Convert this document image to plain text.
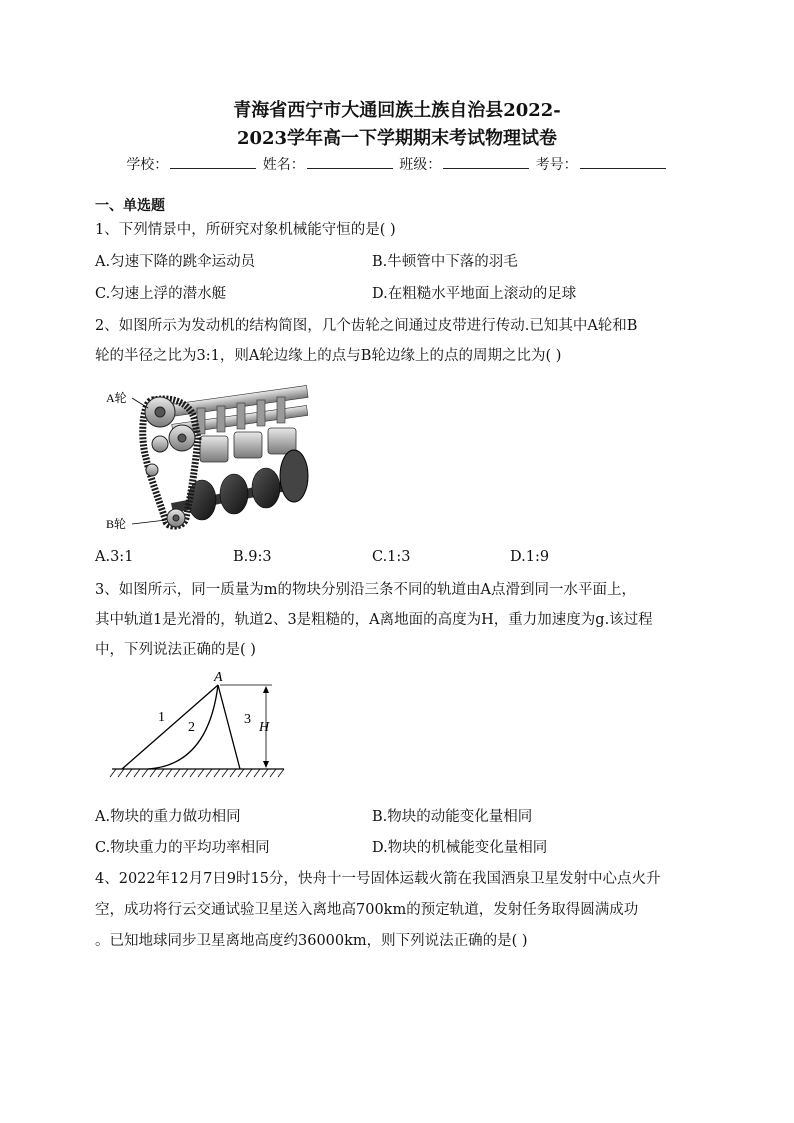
青海省西宁市大通回族土族自治县2022-
2023学年高一下学期期末考试物理试卷
学校：	姓名：	班级：	考号：
一、单选题
1、下列情景中，所研究对象机械能守恒的是( )
A.匀速下降的跳伞运动员	B.牛顿管中下落的羽毛
C.匀速上浮的潜水艇	D.在粗糙水平地面上滚动的足球
2、如图所示为发动机的结构简图，几个齿轮之间通过皮带进行传动.已知其中A轮和B
轮的半径之比为3:1，则A轮边缘上的点与B轮边缘上的点的周期之比为( )
A轮
B轮
A.3:1	B.9:3	C.1:3	D.1:9
3、如图所示，同一质量为m的物块分别沿三条不同的轨道由A点滑到同一水平面上，
其中轨道1是光滑的，轨道2、3是粗糙的，A离地面的高度为H，重力加速度为g.该过程
中，下列说法正确的是( )
A
1
2
3
H
A.物块的重力做功相同	B.物块的动能变化量相同
C.物块重力的平均功率相同	D.物块的机械能变化量相同
4、2022年12月7日9时15分，快舟十一号固体运载火箭在我国酒泉卫星发射中心点火升
空，成功将行云交通试验卫星送入离地高700km的预定轨道，发射任务取得圆满成功
。已知地球同步卫星离地高度约36000km，则下列说法正确的是( )
